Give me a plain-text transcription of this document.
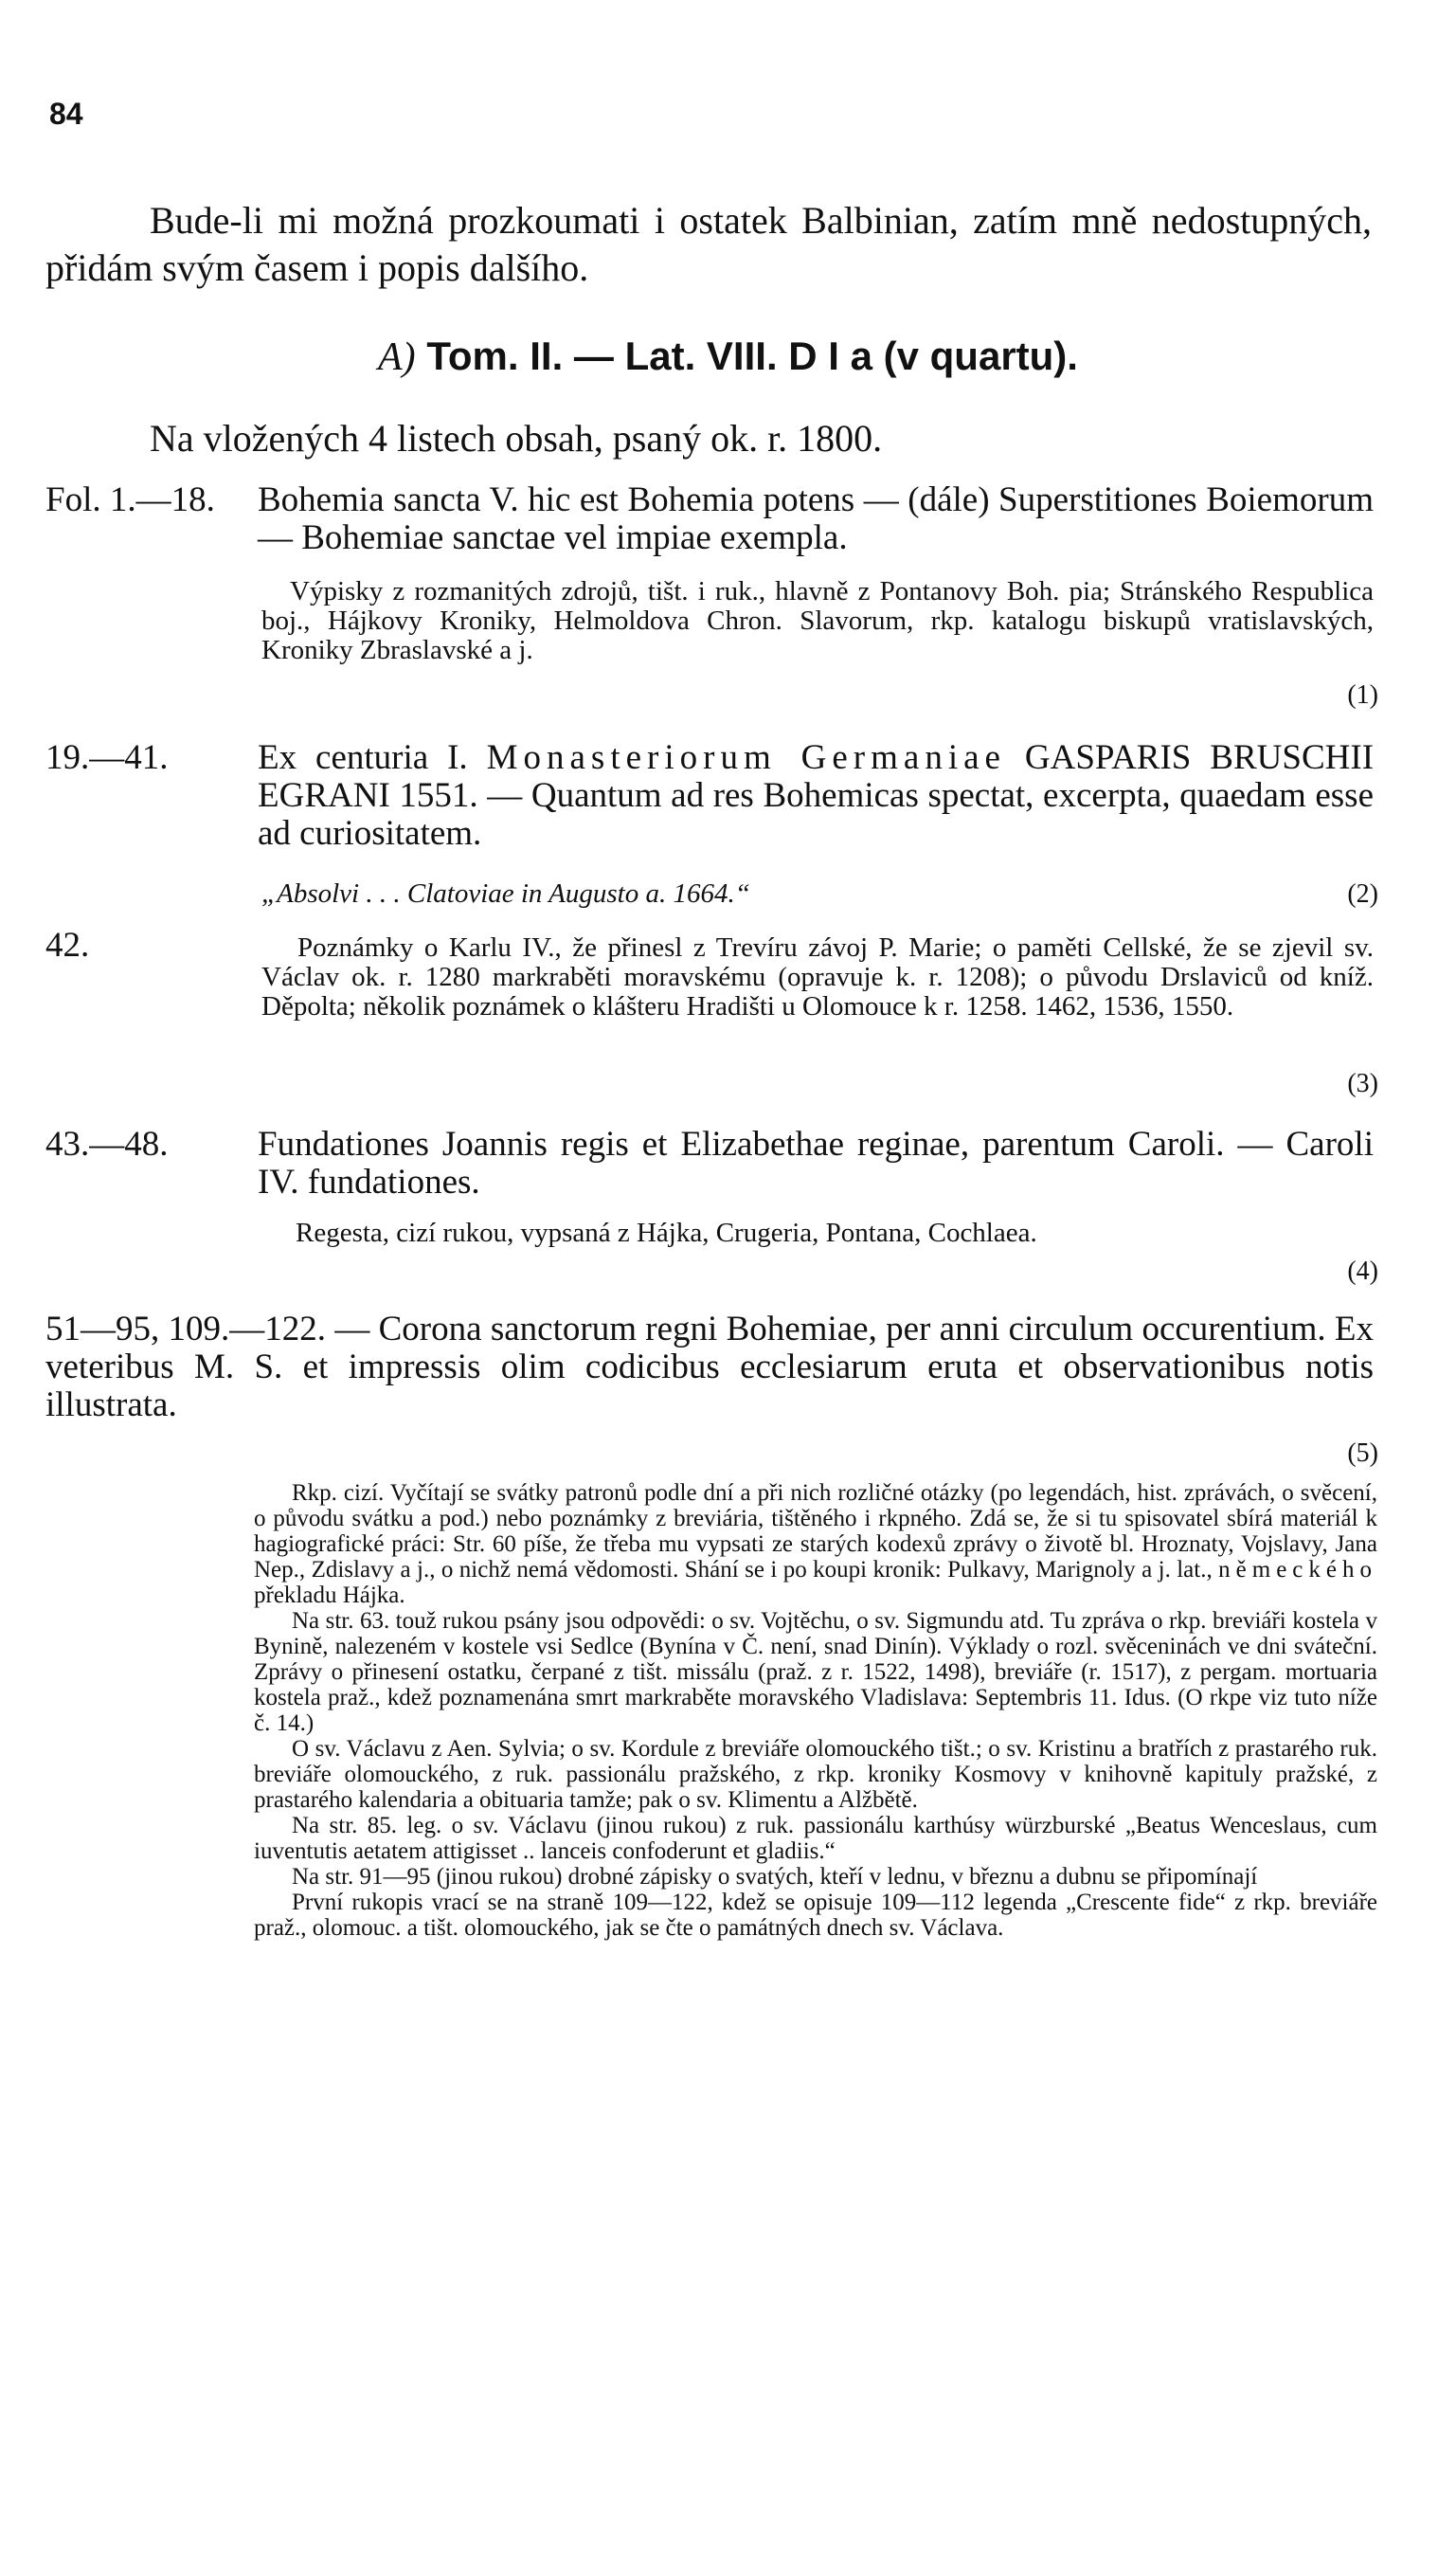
84
Bude-li mi možná prozkoumati i ostatek Balbinian, zatím mně nedostupných, přidám svým časem i popis dalšího.
A) Tom. II. — Lat. VIII. D I a (v quartu).
Na vložených 4 listech obsah, psaný ok. r. 1800.
Fol. 1.—18. Bohemia sancta V. hic est Bohemia potens — (dále) Superstitiones Boiemorum — Bohemiae sanctae vel impiae exempla.
Výpisky z rozmanitých zdrojů, tišt. i ruk., hlavně z Pontanovy Boh. pia; Stránského Respublica boj., Hájkovy Kroniky, Helmoldova Chron. Slavorum, rkp. katalogu biskupů vratislavských, Kroniky Zbraslavské a j.
(1)
19.—41.	Ex centuria I. Monasteriorum Germaniae GASPARIS BRUSCHII EGRANI 1551. — Quantum ad res Bohemicas spectat, excerpta, quaedam esse ad curiositatem.
„Absolvi . . . Clatoviae in Augusto a. 1664.“	(2)
42.	Poznámky o Karlu IV., že přinesl z Trevíru závoj P. Marie; o paměti Cellské, že se zjevil sv. Václav ok. r. 1280 markraběti moravskému (opravuje k. r. 1208); o původu Drslaviců od kníž. Děpolta; několik poznámek o klášteru Hradišti u Olomouce k r. 1258. 1462, 1536, 1550.
(3)
43.—48.	Fundationes Joannis regis et Elizabethae reginae, parentum Caroli. — Caroli IV. fundationes.
Regesta, cizí rukou, vypsaná z Hájka, Crugeria, Pontana, Cochlaea.
(4)
51—95, 109.—122. — Corona sanctorum regni Bohemiae, per anni circulum occurentium. Ex veteribus M. S. et impressis olim codicibus ecclesiarum eruta et observationibus notis illustrata.
(5)
Rkp. cizí. Vyčítají se svátky patronů podle dní a při nich rozličné otázky (po legendách, hist. zprávách, o svěcení, o původu svátku a pod.) nebo poznámky z breviária, tištěného i rkpného. Zdá se, že si tu spisovatel sbírá materiál k hagiografické práci: Str. 60 píše, že třeba mu vypsati ze starých kodexů zprávy o životě bl. Hroznaty, Vojslavy, Jana Nep., Zdislavy a j., o nichž nemá vědomosti. Shání se i po koupi kronik: Pulkavy, Marignoly a j. lat., německého překladu Hájka.
Na str. 63. touž rukou psány jsou odpovědi: o sv. Vojtěchu, o sv. Sigmundu atd. Tu zpráva o rkp. breviáři kostela v Bynině, nalezeném v kostele vsi Sedlce (Bynína v Č. není, snad Dinín). Výklady o rozl. svěceninách ve dni sváteční. Zprávy o přinesení ostatku, čerpané z tišt. missálu (praž. z r. 1522, 1498), breviáře (r. 1517), z pergam. mortuaria kostela praž., kdež poznamenána smrt markraběte moravského Vladislava: Septembris 11. Idus. (O rkpe viz tuto níže č. 14.)
O sv. Václavu z Aen. Sylvia; o sv. Kordule z breviáře olomouckého tišt.; o sv. Kristinu a bratřích z prastarého ruk. breviáře olomouckého, z ruk. passionálu pražského, z rkp. kroniky Kosmovy v knihovně kapituly pražské, z prastarého kalendaria a obituaria tamže; pak o sv. Klimentu a Alžbětě.
Na str. 85. leg. o sv. Václavu (jinou rukou) z ruk. passionálu karthúsy würzburské „Beatus Wenceslaus, cum iuventutis aetatem attigisset .. lanceis confoderunt et gladiis.“
Na str. 91—95 (jinou rukou) drobné zápisky o svatých, kteří v lednu, v březnu a dubnu se připomínají
První rukopis vrací se na straně 109—122, kdež se opisuje 109—112 legenda „Crescente fide“ z rkp. breviáře praž., olomouc. a tišt. olomouckého, jak se čte o památných dnech sv. Václava.
